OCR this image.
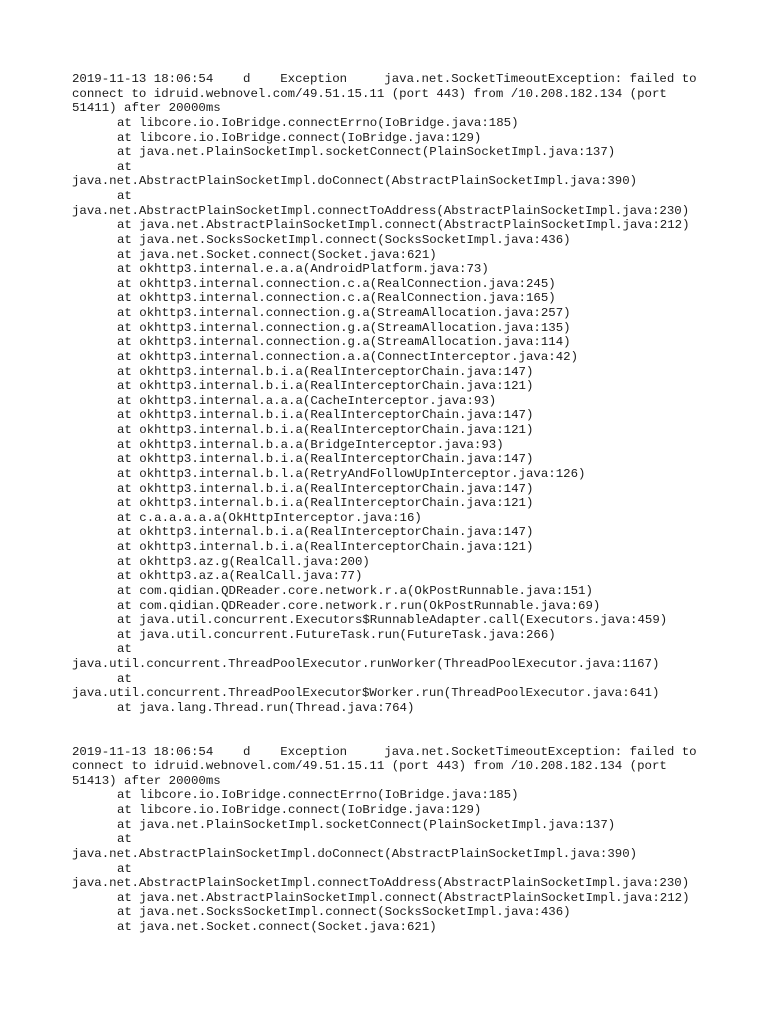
2019-11-13 18:06:54    d    Exception     java.net.SocketTimeoutException: failed to
connect to idruid.webnovel.com/49.51.15.11 (port 443) from /10.208.182.134 (port
51411) after 20000ms
at libcore.io.IoBridge.connectErrno(IoBridge.java:185)
at libcore.io.IoBridge.connect(IoBridge.java:129)
at java.net.PlainSocketImpl.socketConnect(PlainSocketImpl.java:137)
at
java.net.AbstractPlainSocketImpl.doConnect(AbstractPlainSocketImpl.java:390)
at
java.net.AbstractPlainSocketImpl.connectToAddress(AbstractPlainSocketImpl.java:230)
at java.net.AbstractPlainSocketImpl.connect(AbstractPlainSocketImpl.java:212)
at java.net.SocksSocketImpl.connect(SocksSocketImpl.java:436)
at java.net.Socket.connect(Socket.java:621)
at okhttp3.internal.e.a.a(AndroidPlatform.java:73)
at okhttp3.internal.connection.c.a(RealConnection.java:245)
at okhttp3.internal.connection.c.a(RealConnection.java:165)
at okhttp3.internal.connection.g.a(StreamAllocation.java:257)
at okhttp3.internal.connection.g.a(StreamAllocation.java:135)
at okhttp3.internal.connection.g.a(StreamAllocation.java:114)
at okhttp3.internal.connection.a.a(ConnectInterceptor.java:42)
at okhttp3.internal.b.i.a(RealInterceptorChain.java:147)
at okhttp3.internal.b.i.a(RealInterceptorChain.java:121)
at okhttp3.internal.a.a.a(CacheInterceptor.java:93)
at okhttp3.internal.b.i.a(RealInterceptorChain.java:147)
at okhttp3.internal.b.i.a(RealInterceptorChain.java:121)
at okhttp3.internal.b.a.a(BridgeInterceptor.java:93)
at okhttp3.internal.b.i.a(RealInterceptorChain.java:147)
at okhttp3.internal.b.l.a(RetryAndFollowUpInterceptor.java:126)
at okhttp3.internal.b.i.a(RealInterceptorChain.java:147)
at okhttp3.internal.b.i.a(RealInterceptorChain.java:121)
at c.a.a.a.a.a(OkHttpInterceptor.java:16)
at okhttp3.internal.b.i.a(RealInterceptorChain.java:147)
at okhttp3.internal.b.i.a(RealInterceptorChain.java:121)
at okhttp3.az.g(RealCall.java:200)
at okhttp3.az.a(RealCall.java:77)
at com.qidian.QDReader.core.network.r.a(OkPostRunnable.java:151)
at com.qidian.QDReader.core.network.r.run(OkPostRunnable.java:69)
at java.util.concurrent.Executors$RunnableAdapter.call(Executors.java:459)
at java.util.concurrent.FutureTask.run(FutureTask.java:266)
at
java.util.concurrent.ThreadPoolExecutor.runWorker(ThreadPoolExecutor.java:1167)
at
java.util.concurrent.ThreadPoolExecutor$Worker.run(ThreadPoolExecutor.java:641)
at java.lang.Thread.run(Thread.java:764)
2019-11-13 18:06:54    d    Exception     java.net.SocketTimeoutException: failed to
connect to idruid.webnovel.com/49.51.15.11 (port 443) from /10.208.182.134 (port
51413) after 20000ms
at libcore.io.IoBridge.connectErrno(IoBridge.java:185)
at libcore.io.IoBridge.connect(IoBridge.java:129)
at java.net.PlainSocketImpl.socketConnect(PlainSocketImpl.java:137)
at
java.net.AbstractPlainSocketImpl.doConnect(AbstractPlainSocketImpl.java:390)
at
java.net.AbstractPlainSocketImpl.connectToAddress(AbstractPlainSocketImpl.java:230)
at java.net.AbstractPlainSocketImpl.connect(AbstractPlainSocketImpl.java:212)
at java.net.SocksSocketImpl.connect(SocksSocketImpl.java:436)
at java.net.Socket.connect(Socket.java:621)
